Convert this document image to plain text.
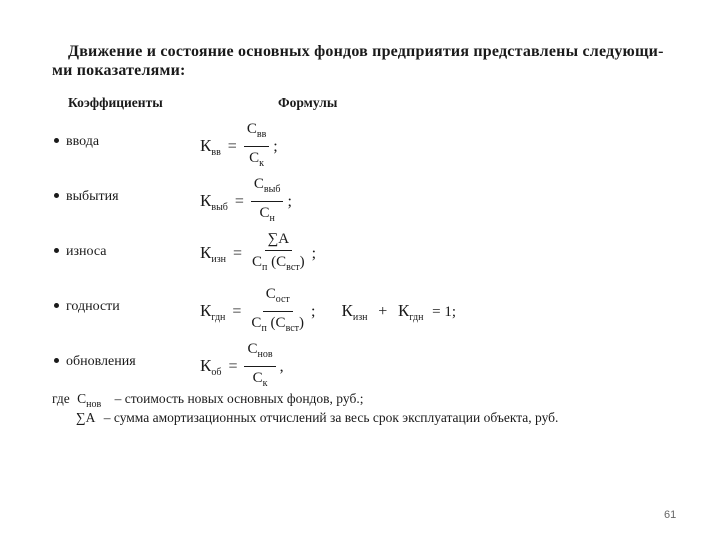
Движение и состояние основных фондов предприятия представлены следующи-
ми показателями:
Коэффициенты	Формулы
ввода	$К_{вв} = \frac{С_{вв}}{С_к}$ ;
выбытия	$К_{выб} = \frac{С_{выб}}{С_н}$ ;
износа	$К_{изн} = \frac{\sum А}{С_п (С_{вст})}$ ;
годности	$К_{гдн} = \frac{С_{ост}}{С_п (С_{вст})}$ ; $К_{изн} + К_{гдн} = 1$;
обновления	$К_{об} = \frac{С_{нов}}{С_к}$ ,
где $С_{нов}$ – стоимость новых основных фондов, руб.;
∑А – сумма амортизационных отчислений за весь срок эксплуатации объекта, руб.
61
